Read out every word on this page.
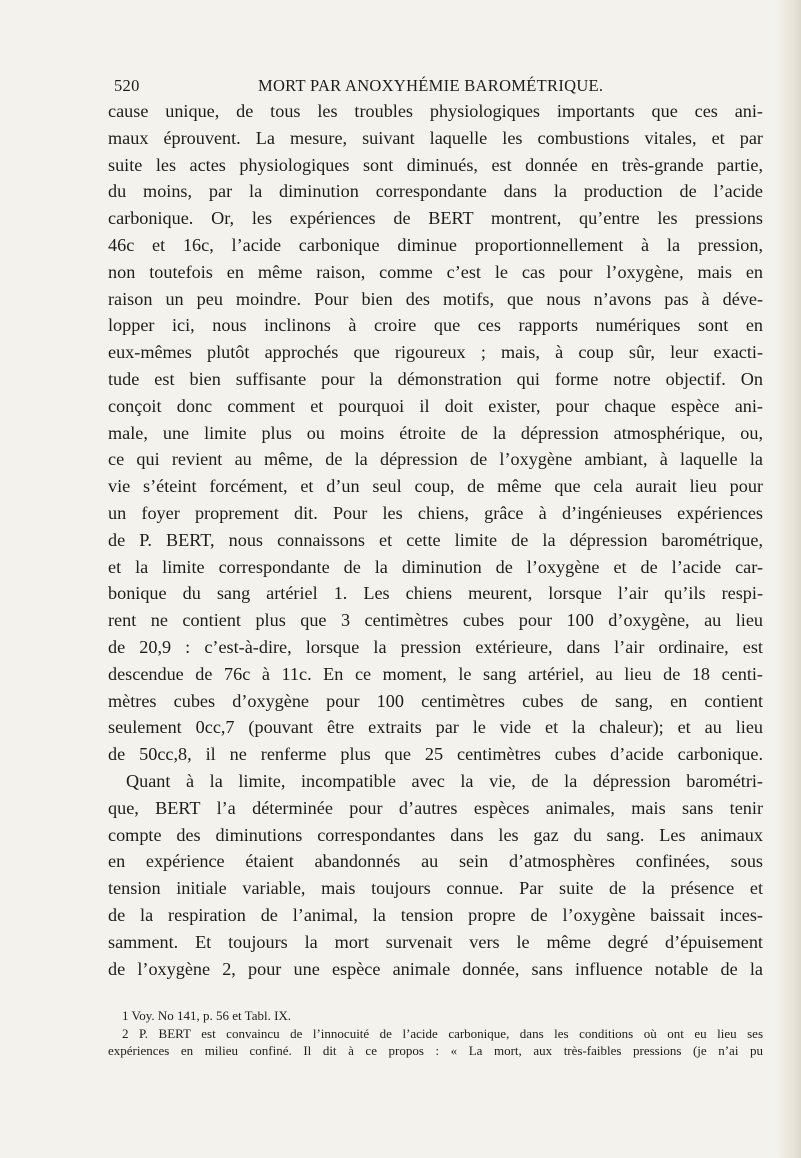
520	MORT PAR ANOXYHÉMIE BAROMÉTRIQUE.
cause unique, de tous les troubles physiologiques importants que ces ani-
maux éprouvent. La mesure, suivant laquelle les combustions vitales, et par
suite les actes physiologiques sont diminués, est donnée en très-grande partie,
du moins, par la diminution correspondante dans la production de l’acide
carbonique. Or, les expériences de BERT montrent, qu’entre les pressions
46c et 16c, l’acide carbonique diminue proportionnellement à la pression,
non toutefois en même raison, comme c’est le cas pour l’oxygène, mais en
raison un peu moindre. Pour bien des motifs, que nous n’avons pas à déve-
lopper ici, nous inclinons à croire que ces rapports numériques sont en
eux-mêmes plutôt approchés que rigoureux ; mais, à coup sûr, leur exacti-
tude est bien suffisante pour la démonstration qui forme notre objectif. On
conçoit donc comment et pourquoi il doit exister, pour chaque espèce ani-
male, une limite plus ou moins étroite de la dépression atmosphérique, ou,
ce qui revient au même, de la dépression de l’oxygène ambiant, à laquelle la
vie s’éteint forcément, et d’un seul coup, de même que cela aurait lieu pour
un foyer proprement dit. Pour les chiens, grâce à d’ingénieuses expériences
de P. BERT, nous connaissons et cette limite de la dépression barométrique,
et la limite correspondante de la diminution de l’oxygène et de l’acide car-
bonique du sang artériel 1. Les chiens meurent, lorsque l’air qu’ils respi-
rent ne contient plus que 3 centimètres cubes pour 100 d’oxygène, au lieu
de 20,9 : c’est-à-dire, lorsque la pression extérieure, dans l’air ordinaire, est
descendue de 76c à 11c. En ce moment, le sang artériel, au lieu de 18 centi-
mètres cubes d’oxygène pour 100 centimètres cubes de sang, en contient
seulement 0cc,7 (pouvant être extraits par le vide et la chaleur); et au lieu
de 50cc,8, il ne renferme plus que 25 centimètres cubes d’acide carbonique.
Quant à la limite, incompatible avec la vie, de la dépression barométri-
que, BERT l’a déterminée pour d’autres espèces animales, mais sans tenir
compte des diminutions correspondantes dans les gaz du sang. Les animaux
en expérience étaient abandonnés au sein d’atmosphères confinées, sous
tension initiale variable, mais toujours connue. Par suite de la présence et
de la respiration de l’animal, la tension propre de l’oxygène baissait inces-
samment. Et toujours la mort survenait vers le même degré d’épuisement
de l’oxygène 2, pour une espèce animale donnée, sans influence notable de la
1 Voy. No 141, p. 56 et Tabl. IX.
2 P. BERT est convaincu de l’innocuité de l’acide carbonique, dans les conditions où ont eu lieu ses
expériences en milieu confiné. Il dit à ce propos : « La mort, aux très-faibles pressions (je n’ai pu
